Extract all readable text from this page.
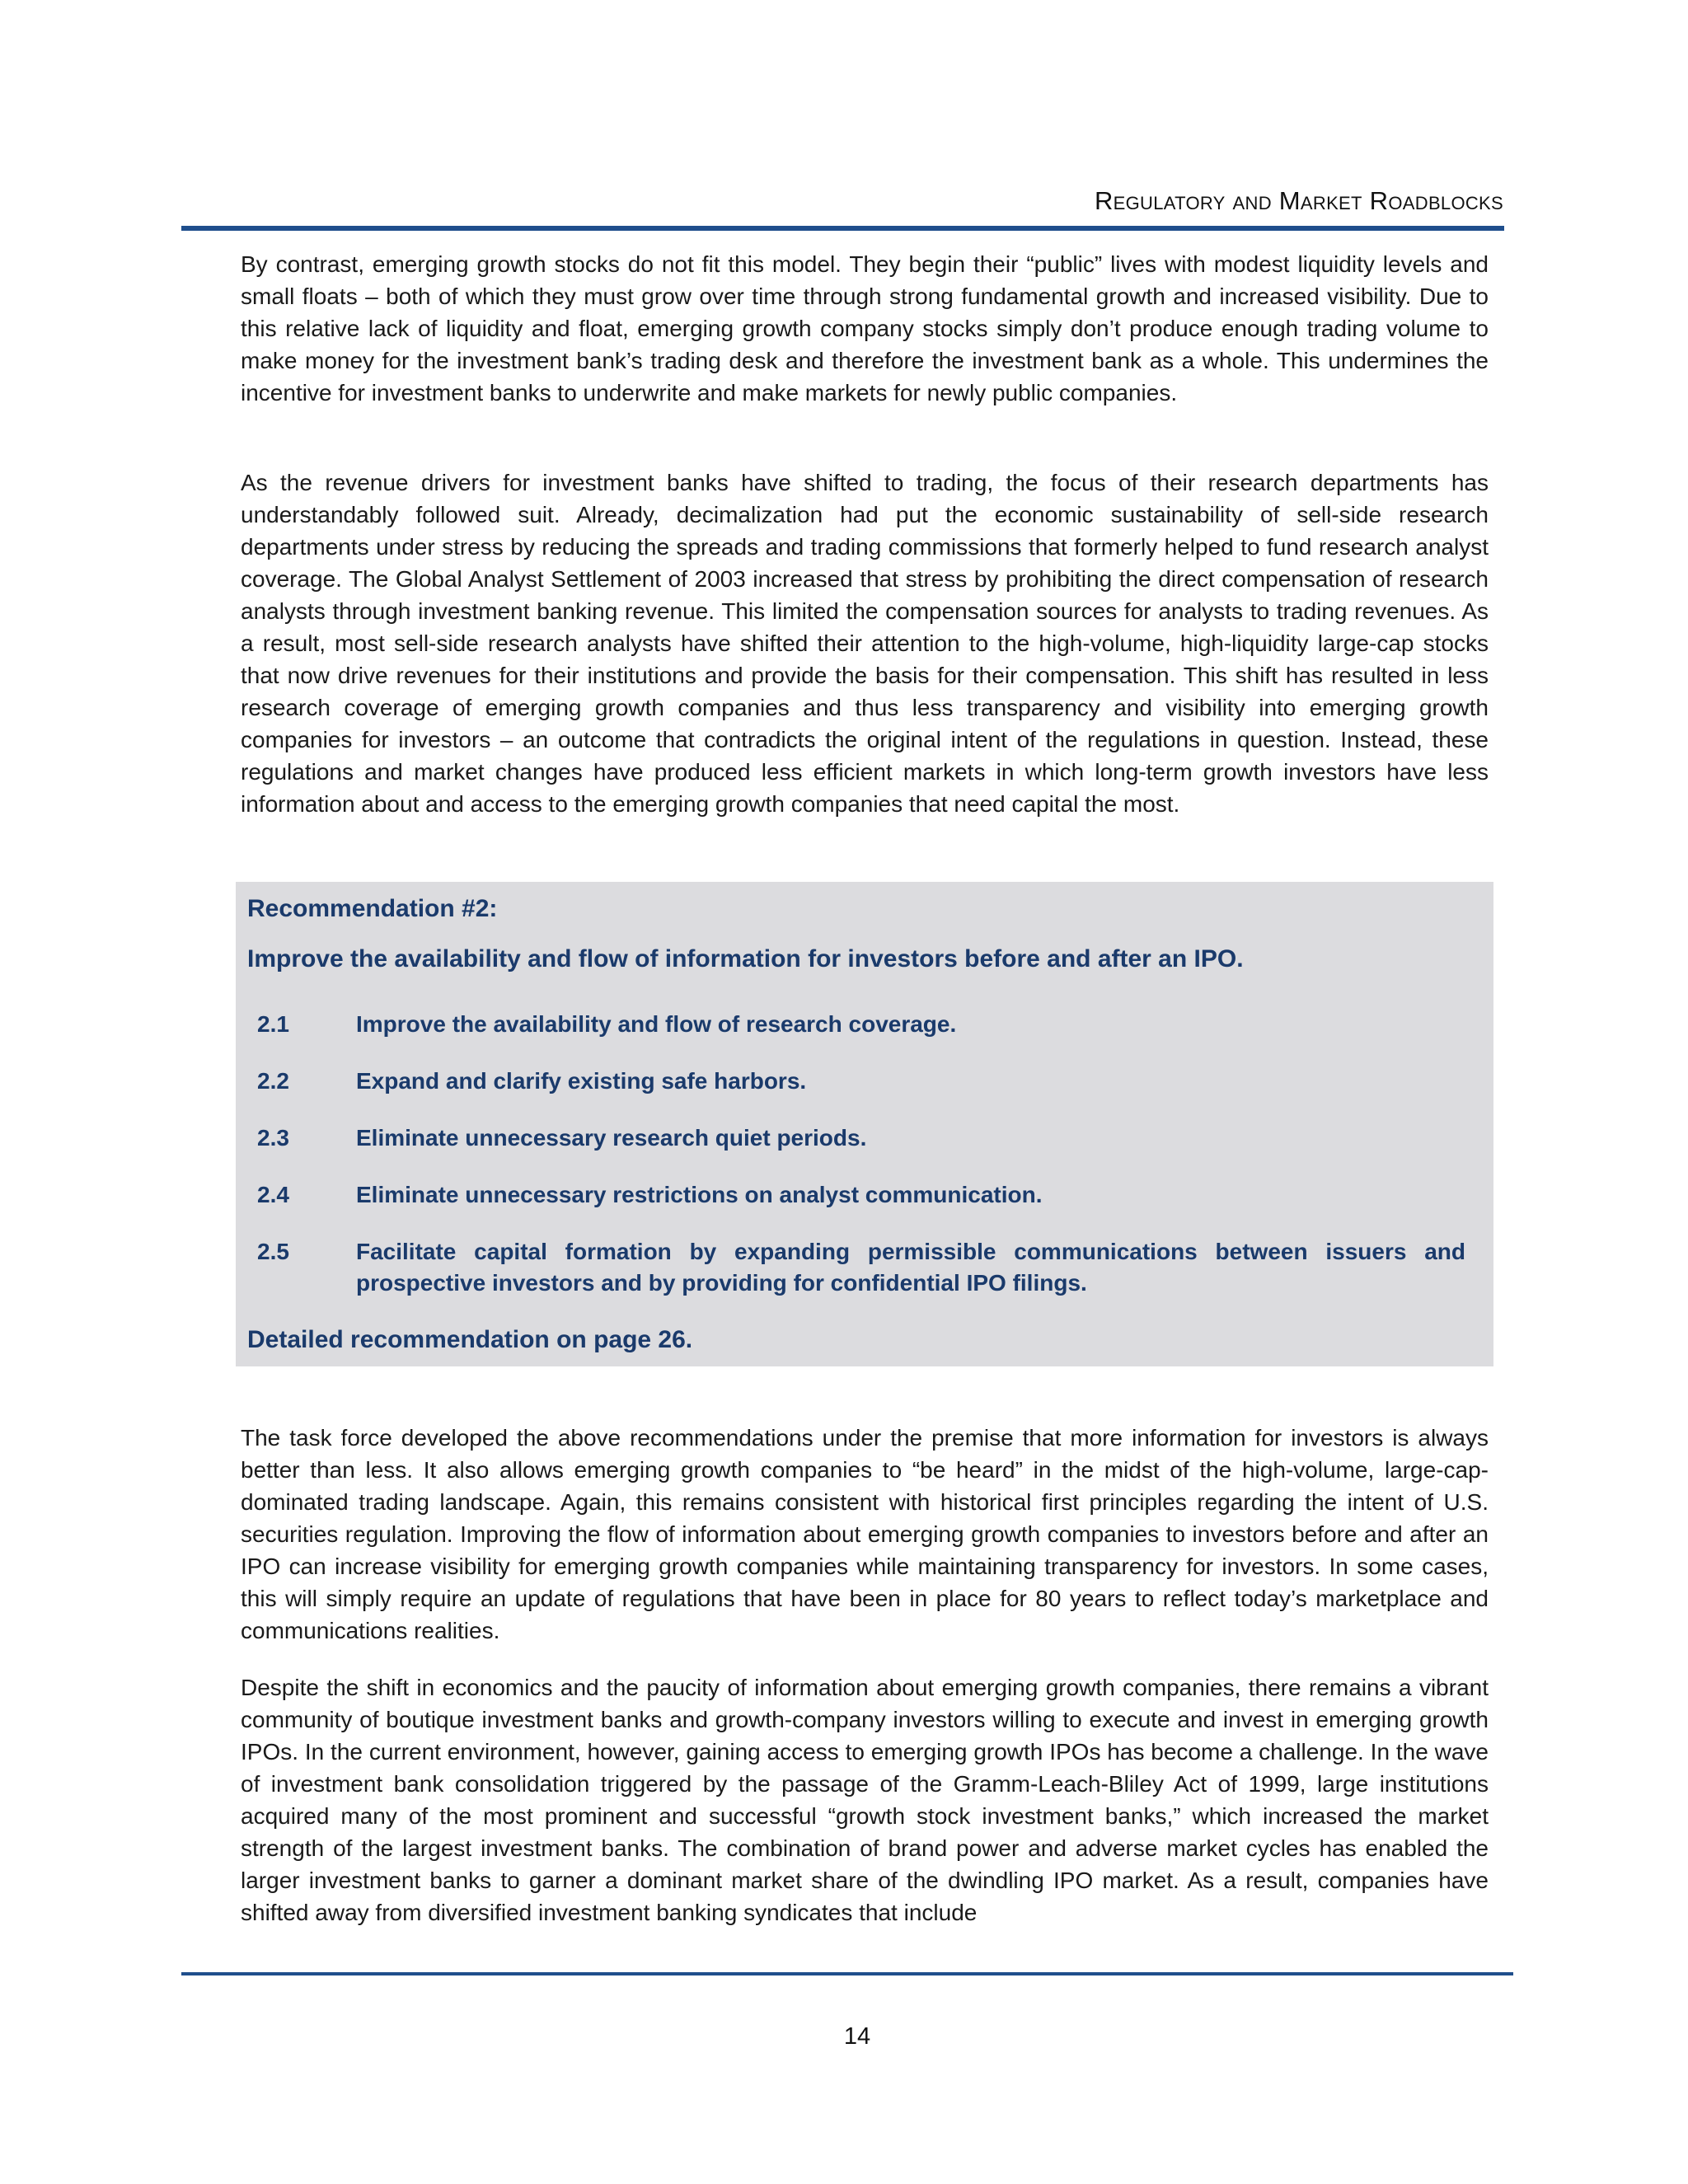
Regulatory and Market Roadblocks

By contrast, emerging growth stocks do not fit this model. They begin their “public” lives with modest liquidity levels and small floats – both of which they must grow over time through strong fundamental growth and increased visibility. Due to this relative lack of liquidity and float, emerging growth company stocks simply don’t produce enough trading volume to make money for the investment bank’s trading desk and therefore the investment bank as a whole. This undermines the incentive for investment banks to underwrite and make markets for newly public companies.

As the revenue drivers for investment banks have shifted to trading, the focus of their research departments has understandably followed suit. Already, decimalization had put the economic sustainability of sell-side research departments under stress by reducing the spreads and trading commissions that formerly helped to fund research analyst coverage. The Global Analyst Settlement of 2003 increased that stress by prohibiting the direct compensation of research analysts through investment banking revenue. This limited the compensation sources for analysts to trading revenues. As a result, most sell-side research analysts have shifted their attention to the high-volume, high-liquidity large-cap stocks that now drive revenues for their institutions and provide the basis for their compensation. This shift has resulted in less research coverage of emerging growth companies and thus less transparency and visibility into emerging growth companies for investors – an outcome that contradicts the original intent of the regulations in question. Instead, these regulations and market changes have produced less efficient markets in which long-term growth investors have less information about and access to the emerging growth companies that need capital the most.

Recommendation #2:
Improve the availability and flow of information for investors before and after an IPO.
2.1	Improve the availability and flow of research coverage.
2.2	Expand and clarify existing safe harbors.
2.3	Eliminate unnecessary research quiet periods.
2.4	Eliminate unnecessary restrictions on analyst communication.
2.5	Facilitate capital formation by expanding permissible communications between issuers and prospective investors and by providing for confidential IPO filings.
Detailed recommendation on page 26.

The task force developed the above recommendations under the premise that more information for investors is always better than less. It also allows emerging growth companies to “be heard” in the midst of the high-volume, large-cap-dominated trading landscape. Again, this remains consistent with historical first principles regarding the intent of U.S. securities regulation. Improving the flow of information about emerging growth companies to investors before and after an IPO can increase visibility for emerging growth companies while maintaining transparency for investors. In some cases, this will simply require an update of regulations that have been in place for 80 years to reflect today’s marketplace and communications realities.

Despite the shift in economics and the paucity of information about emerging growth companies, there remains a vibrant community of boutique investment banks and growth-company investors willing to execute and invest in emerging growth IPOs. In the current environment, however, gaining access to emerging growth IPOs has become a challenge. In the wave of investment bank consolidation triggered by the passage of the Gramm-Leach-Bliley Act of 1999, large institutions acquired many of the most prominent and successful “growth stock investment banks,” which increased the market strength of the largest investment banks. The combination of brand power and adverse market cycles has enabled the larger investment banks to garner a dominant market share of the dwindling IPO market. As a result, companies have shifted away from diversified investment banking syndicates that include

14
